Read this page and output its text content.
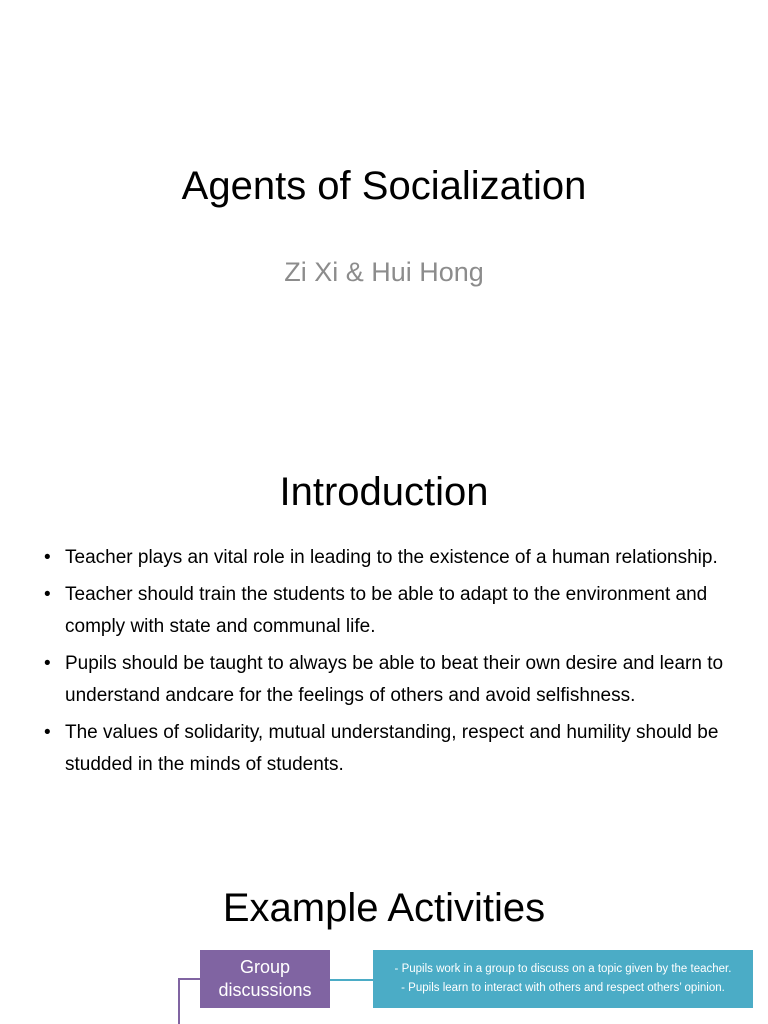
Agents of Socialization
Zi Xi & Hui Hong
Introduction
• Teacher plays an vital role in leading to the existence of a human relationship.
• Teacher should train the students to be able to adapt to the environment and comply with state and communal life.
• Pupils should be taught to always be able to beat their own desire and learn to understand andcare for the feelings of others and avoid selfishness.
• The values of solidarity, mutual understanding, respect and humility should be studded in the minds of students.
Example Activities
Group
discussions
- Pupils work in a group to discuss on a topic given by the teacher.
- Pupils learn to interact with others and respect others’ opinion.
